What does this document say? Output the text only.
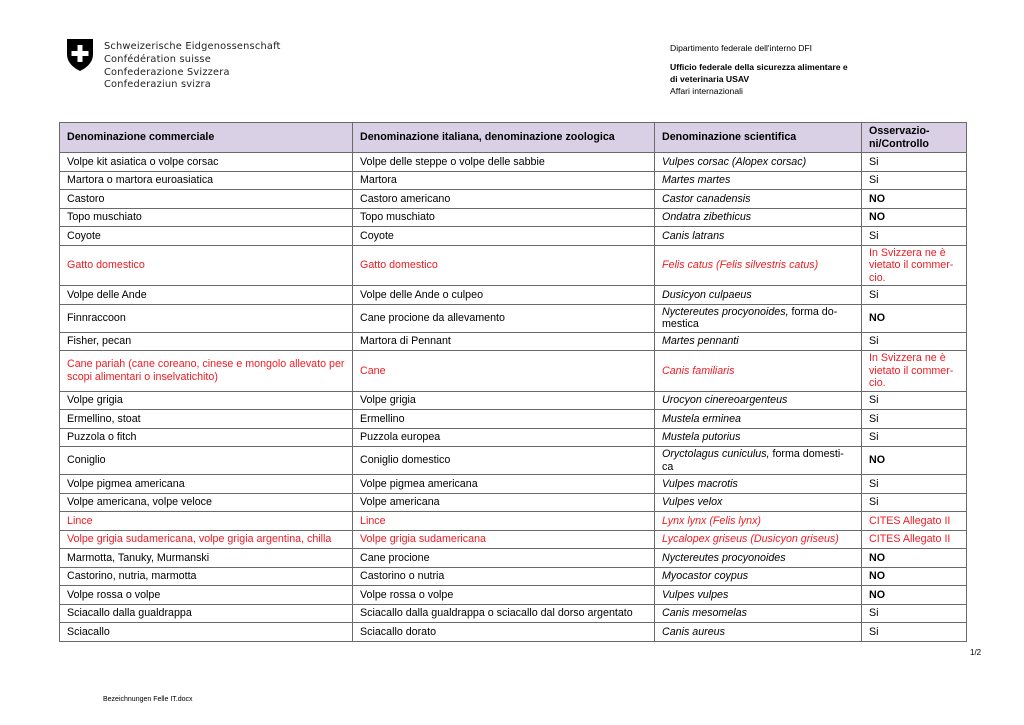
Schweizerische Eidgenossenschaft
Confédération suisse
Confederazione Svizzera
Confederaziun svizra
Dipartimento federale dell'interno DFI
Ufficio federale della sicurezza alimentare e
di veterinaria USAV
Affari internazionali
Denominazione commerciale	Denominazione italiana, denominazione zoologica	Denominazione scientifica	Osservazio-ni/Controllo
Volpe kit asiatica o volpe corsac	Volpe delle steppe o volpe delle sabbie	Vulpes corsac (Alopex corsac)	Si
Martora o martora euroasiatica	Martora	Martes martes	Si
Castoro	Castoro americano	Castor canadensis	NO
Topo muschiato	Topo muschiato	Ondatra zibethicus	NO
Coyote	Coyote	Canis latrans	Si
Gatto domestico	Gatto domestico	Felis catus (Felis silvestris catus)	In Svizzera ne è vietato il commer-cio.
Volpe delle Ande	Volpe delle Ande o culpeo	Dusicyon culpaeus	Si
Finnraccoon	Cane procione da allevamento	Nyctereutes procyonoides, forma do-mestica	NO
Fisher, pecan	Martora di Pennant	Martes pennanti	Si
Cane pariah (cane coreano, cinese e mongolo allevato per scopi alimentari o inselvatichito)	Cane	Canis familiaris	In Svizzera ne è vietato il commer-cio.
Volpe grigia	Volpe grigia	Urocyon cinereoargenteus	Si
Ermellino, stoat	Ermellino	Mustela erminea	Si
Puzzola o fitch	Puzzola europea	Mustela putorius	Si
Coniglio	Coniglio domestico	Oryctolagus cuniculus, forma domesti-ca	NO
Volpe pigmea americana	Volpe pigmea americana	Vulpes macrotis	Si
Volpe americana, volpe veloce	Volpe americana	Vulpes velox	Si
Lince	Lince	Lynx lynx (Felis lynx)	CITES Allegato II
Volpe grigia sudamericana, volpe grigia argentina, chilla	Volpe grigia sudamericana	Lycalopex griseus (Dusicyon griseus)	CITES Allegato II
Marmotta, Tanuky, Murmanski	Cane procione	Nyctereutes procyonoides	NO
Castorino, nutria, marmotta	Castorino o nutria	Myocastor coypus	NO
Volpe rossa o volpe	Volpe rossa o volpe	Vulpes vulpes	NO
Sciacallo dalla gualdrappa	Sciacallo dalla gualdrappa o sciacallo dal dorso argentato	Canis mesomelas	Si
Sciacallo	Sciacallo dorato	Canis aureus	Si
1/2
Bezeichnungen Felle IT.docx
